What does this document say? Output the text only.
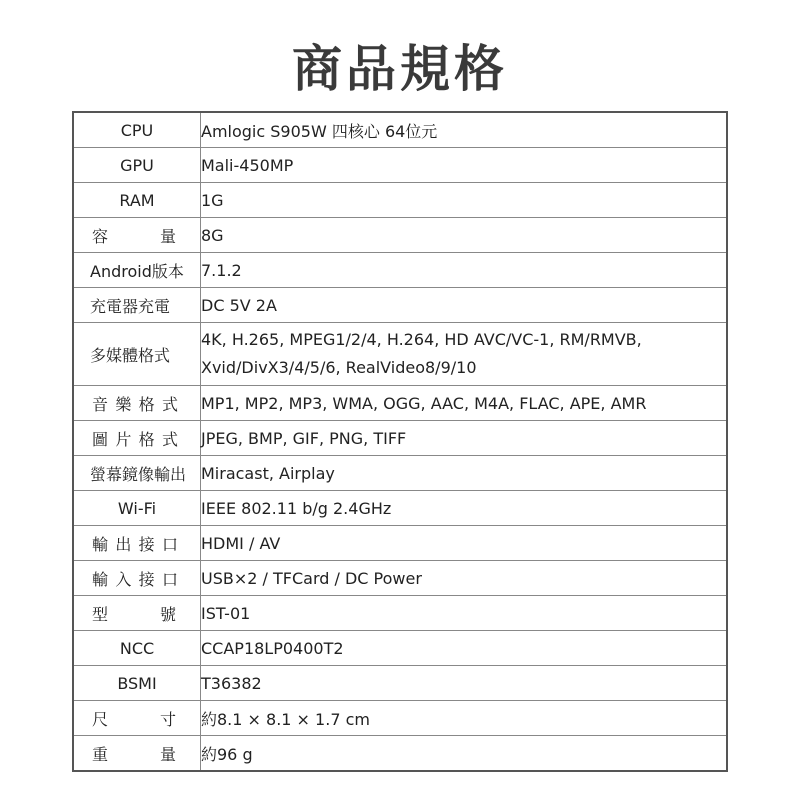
商品規格
CPU	Amlogic S905W 四核心 64位元
GPU	Mali-450MP
RAM	1G
容量	8G
Android版本	7.1.2
充電器充電	DC 5V 2A
多媒體格式	4K, H.265, MPEG1/2/4, H.264, HD AVC/VC-1, RM/RMVB, Xvid/DivX3/4/5/6, RealVideo8/9/10
音樂格式	MP1, MP2, MP3, WMA, OGG, AAC, M4A, FLAC, APE, AMR
圖片格式	JPEG, BMP, GIF, PNG, TIFF
螢幕鏡像輸出	Miracast, Airplay
Wi-Fi	IEEE 802.11 b/g 2.4GHz
輸出接口	HDMI / AV
輸入接口	USB×2 / TFCard / DC Power
型號	IST-01
NCC	CCAP18LP0400T2
BSMI	T36382
尺寸	約8.1 × 8.1 × 1.7 cm
重量	約96 g
